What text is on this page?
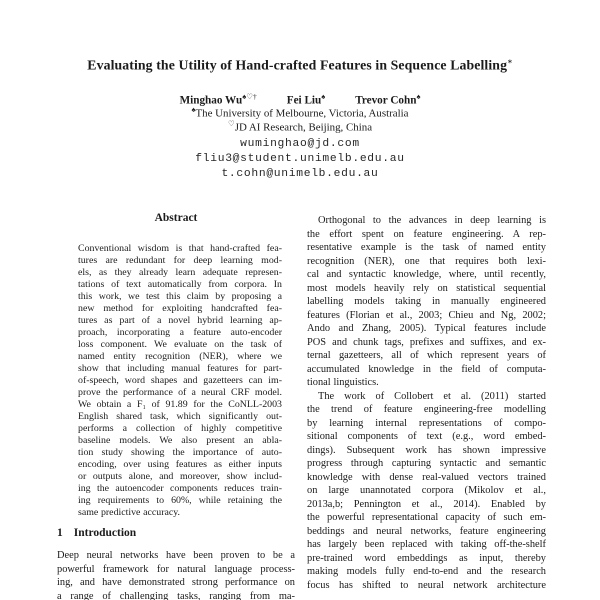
Evaluating the Utility of Hand-crafted Features in Sequence Labelling∗
Minghao Wu♠♡†	Fei Liu♠	Trevor Cohn♠
♠The University of Melbourne, Victoria, Australia
♡JD AI Research, Beijing, China
wuminghao@jd.com
fliu3@student.unimelb.edu.au
t.cohn@unimelb.edu.au
Abstract
Conventional wisdom is that hand-crafted fea-
tures are redundant for deep learning mod-
els, as they already learn adequate represen-
tations of text automatically from corpora. In
this work, we test this claim by proposing a
new method for exploiting handcrafted fea-
tures as part of a novel hybrid learning ap-
proach, incorporating a feature auto-encoder
loss component. We evaluate on the task of
named entity recognition (NER), where we
show that including manual features for part-
of-speech, word shapes and gazetteers can im-
prove the performance of a neural CRF model.
We obtain a F₁ of 91.89 for the CoNLL-2003
English shared task, which significantly out-
performs a collection of highly competitive
baseline models. We also present an abla-
tion study showing the importance of auto-
encoding, over using features as either inputs
or outputs alone, and moreover, show includ-
ing the autoencoder components reduces train-
ing requirements to 60%, while retaining the
same predictive accuracy.
1 Introduction
Deep neural networks have been proven to be a
powerful framework for natural language process-
ing, and have demonstrated strong performance on
a range of challenging tasks, ranging from ma-
Orthogonal to the advances in deep learning is
the effort spent on feature engineering. A rep-
resentative example is the task of named entity
recognition (NER), one that requires both lexi-
cal and syntactic knowledge, where, until recently,
most models heavily rely on statistical sequential
labelling models taking in manually engineered
features (Florian et al., 2003; Chieu and Ng, 2002;
Ando and Zhang, 2005). Typical features include
POS and chunk tags, prefixes and suffixes, and ex-
ternal gazetteers, all of which represent years of
accumulated knowledge in the field of computa-
tional linguistics.
The work of Collobert et al. (2011) started
the trend of feature engineering-free modelling
by learning internal representations of compo-
sitional components of text (e.g., word embed-
dings). Subsequent work has shown impressive
progress through capturing syntactic and semantic
knowledge with dense real-valued vectors trained
on large unannotated corpora (Mikolov et al.,
2013a,b; Pennington et al., 2014). Enabled by
the powerful representational capacity of such em-
beddings and neural networks, feature engineering
has largely been replaced with taking off-the-shelf
pre-trained word embeddings as input, thereby
making models fully end-to-end and the research
focus has shifted to neural network architecture
